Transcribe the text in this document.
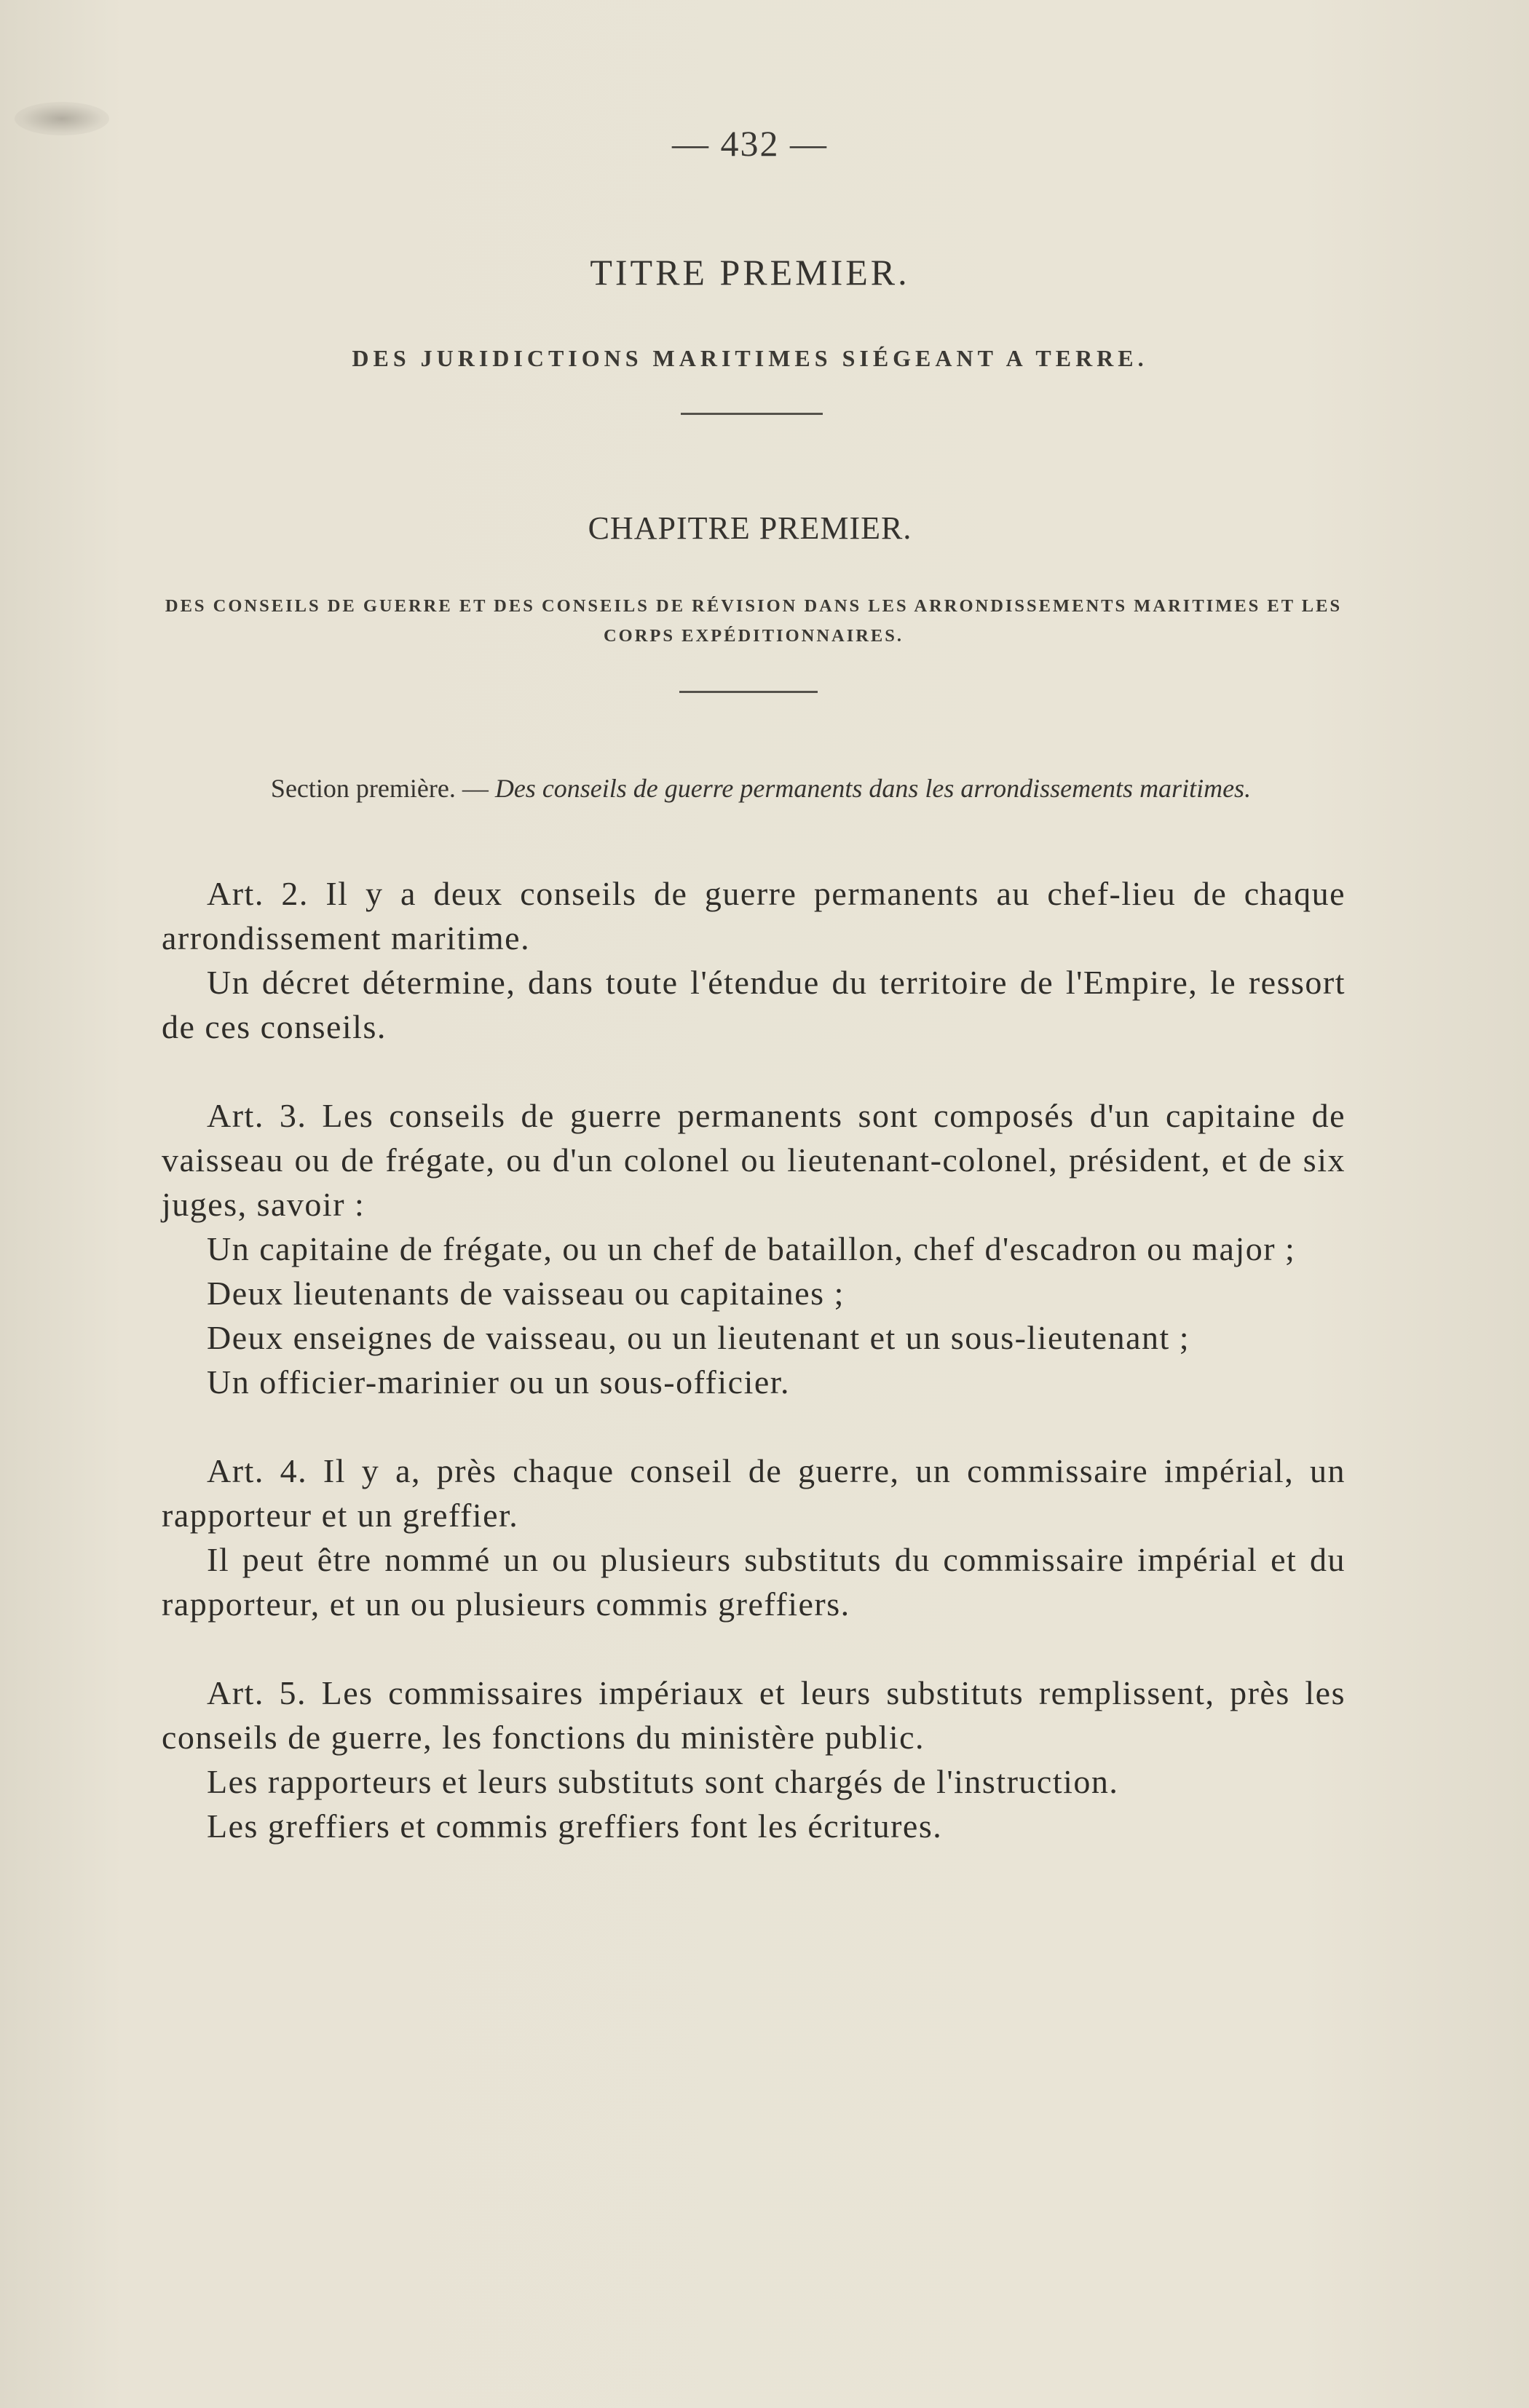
— 432 —
TITRE PREMIER.
DES JURIDICTIONS MARITIMES SIÉGEANT A TERRE.
CHAPITRE PREMIER.
DES CONSEILS DE GUERRE ET DES CONSEILS DE RÉVISION DANS LES ARRONDISSEMENTS MARITIMES ET LES CORPS EXPÉDITIONNAIRES.
Section première. — Des conseils de guerre permanents dans les arrondissements maritimes.

Art. 2. Il y a deux conseils de guerre permanents au chef-lieu de chaque arrondissement maritime.

Un décret détermine, dans toute l'étendue du territoire de l'Empire, le ressort de ces conseils.

Art. 3. Les conseils de guerre permanents sont composés d'un capitaine de vaisseau ou de frégate, ou d'un colonel ou lieutenant-colonel, président, et de six juges, savoir :

Un capitaine de frégate, ou un chef de bataillon, chef d'escadron ou major ;

Deux lieutenants de vaisseau ou capitaines ;

Deux enseignes de vaisseau, ou un lieutenant et un sous-lieutenant ;

Un officier-marinier ou un sous-officier.

Art. 4. Il y a, près chaque conseil de guerre, un commissaire impérial, un rapporteur et un greffier.

Il peut être nommé un ou plusieurs substituts du commissaire impérial et du rapporteur, et un ou plusieurs commis greffiers.

Art. 5. Les commissaires impériaux et leurs substituts remplissent, près les conseils de guerre, les fonctions du ministère public.

Les rapporteurs et leurs substituts sont chargés de l'instruction.

Les greffiers et commis greffiers font les écritures.
